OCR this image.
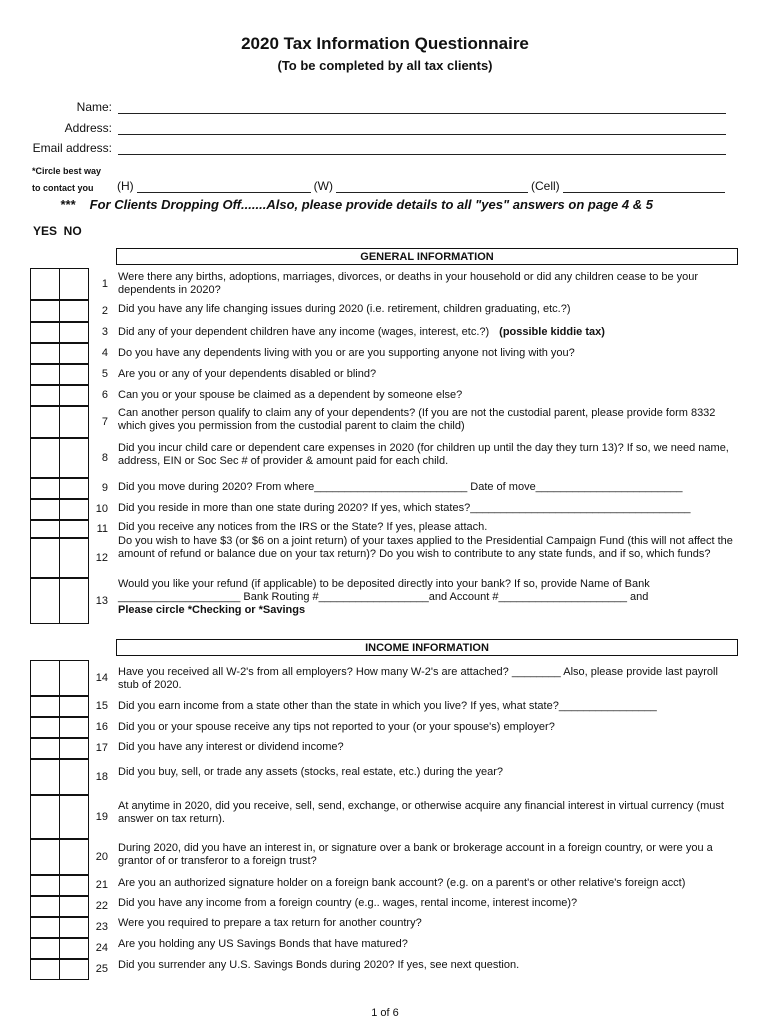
2020 Tax Information Questionnaire
(To be completed by all tax clients)
Name:
Address:
Email address:
*Circle best way
to contact you (H)	(W)	(Cell)
*** For Clients Dropping Off.......Also, please provide details to all "yes" answers on page 4 & 5
YES  NO
GENERAL INFORMATION
INCOME INFORMATION
1
Were there any births, adoptions, marriages, divorces, or deaths in your household or did any children cease to be your dependents in 2020?
2 Did you have any life changing issues during 2020 (i.e. retirement, children graduating, etc.?)
3 Did any of your dependent children have any income (wages, interest, etc.?) (possible kiddie tax)
4 Do you have any dependents living with you or are you supporting anyone not living with you?
5 Are you or any of your dependents disabled or blind?
6 Can you or your spouse be claimed as a dependent by someone else?
7
Can another person qualify to claim any of your dependents? (If you are not the custodial parent, please provide form 8332 which gives you permission from the custodial parent to claim the child)
8
Did you incur child care or dependent care expenses in 2020 (for children up until the day they turn 13)? If so, we need name, address, EIN or Soc Sec # of provider & amount paid for each child.
9 Did you move during 2020? From where_________________________ Date of move________________________
10 Did you reside in more than one state during 2020? If yes, which states?____________________________________
11 Did you receive any notices from the IRS or the State? If yes, please attach.
12
Do you wish to have $3 (or $6 on a joint return) of your taxes applied to the Presidential Campaign Fund (this will not affect the amount of refund or balance due on your tax return)? Do you wish to contribute to any state funds, and if so, which funds?
13
Would you like your refund (if applicable) to be deposited directly into your bank? If so, provide Name of Bank ____________________ Bank Routing #__________________and Account #_____________________ and
Please circle *Checking or *Savings
14 Have you received all W-2's from all employers? How many W-2's are attached? ________ Also, please provide last payroll stub of 2020.
15 Did you earn income from a state other than the state in which you live? If yes, what state?________________
16 Did you or your spouse receive any tips not reported to your (or your spouse's) employer?
17 Did you have any interest or dividend income?
18 Did you buy, sell, or trade any assets (stocks, real estate, etc.) during the year?
19
At anytime in 2020, did you receive, sell, send, exchange, or otherwise acquire any financial interest in virtual currency (must answer on tax return).
20
During 2020, did you have an interest in, or signature over a bank or brokerage account in a foreign country, or were you a grantor of or transferor to a foreign trust?
21 Are you an authorized signature holder on a foreign bank account? (e.g. on a parent's or other relative's foreign acct)
22 Did you have any income from a foreign country (e.g.. wages, rental income, interest income)?
23 Were you required to prepare a tax return for another country?
24 Are you holding any US Savings Bonds that have matured?
25 Did you surrender any U.S. Savings Bonds during 2020? If yes, see next question.
1 of 6
